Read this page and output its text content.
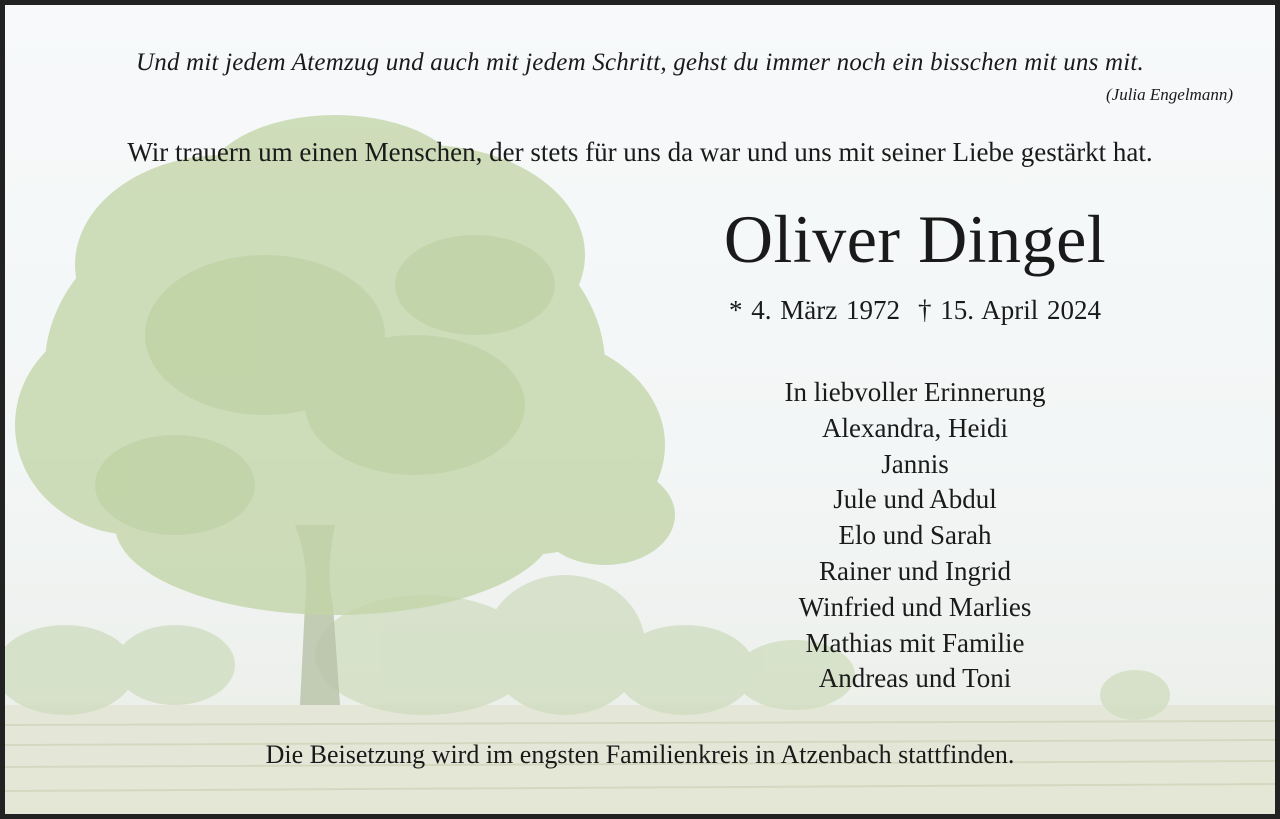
Und mit jedem Atemzug und auch mit jedem Schritt, gehst du immer noch ein bisschen mit uns mit.
(Julia Engelmann)
Wir trauern um einen Menschen, der stets für uns da war und uns mit seiner Liebe gestärkt hat.
Oliver Dingel
* 4. März 1972 † 15. April 2024
In liebvoller Erinnerung
Alexandra, Heidi
Jannis
Jule und Abdul
Elo und Sarah
Rainer und Ingrid
Winfried und Marlies
Mathias mit Familie
Andreas und Toni
Die Beisetzung wird im engsten Familienkreis in Atzenbach stattfinden.
